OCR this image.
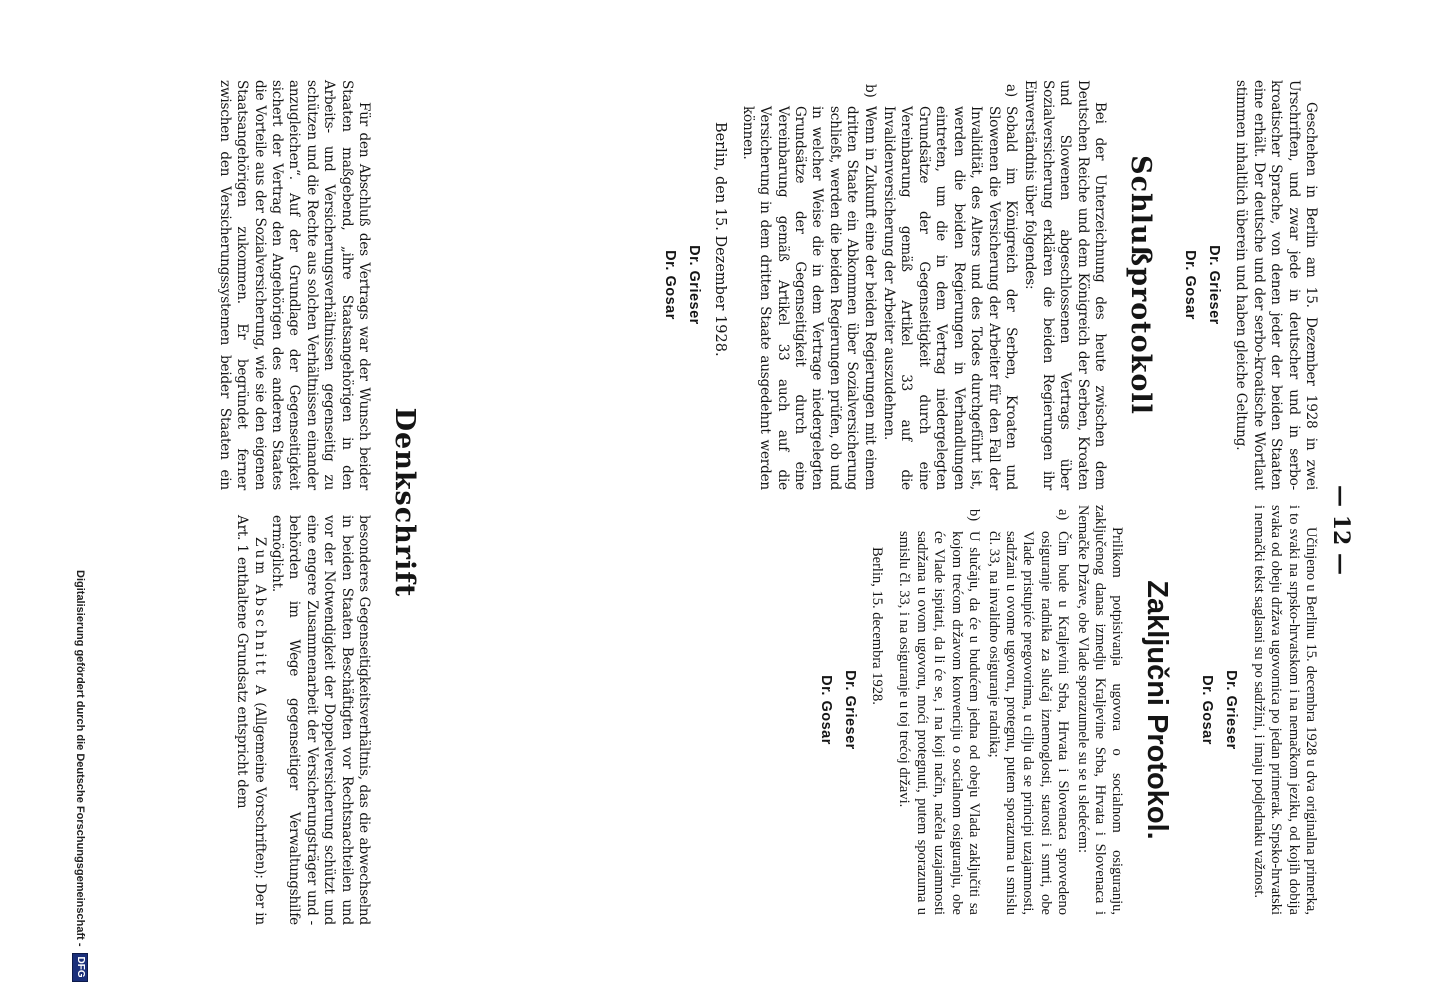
— 12 —

Geschehen in Berlin am 15. Dezember 1928 in zwei Urschriften, und zwar jede in deutscher und in serbo-kroatischer Sprache, von denen jeder der beiden Staaten eine erhält. Der deutsche und der serbo-kroatische Wortlaut stimmen inhaltlich überein und haben gleiche Geltung.

Dr. Grieser
Dr. Gosar
Schlußprotokoll

Bei der Unterzeichnung des heute zwischen dem Deutschen Reiche und dem Königreich der Serben, Kroaten und Slowenen abgeschlossenen Vertrags über Sozialversicherung erklären die beiden Regierungen ihr Einverständnis über folgendes:

a)

Sobald im Königreich der Serben, Kroaten und Slowenen die Versicherung der Arbeiter für den Fall der Invalidität, des Alters und des Todes durchgeführt ist, werden die beiden Regierungen in Verhandlungen eintreten, um die in dem Vertrag niedergelegten Grundsätze der Gegenseitigkeit durch eine Vereinbarung gemäß Artikel 33 auf die Invalidenversicherung der Arbeiter auszudehnen.

b)

Wenn in Zukunft eine der beiden Regierungen mit einem dritten Staate ein Abkommen über Sozialversicherung schließt, werden die beiden Regierungen prüfen, ob und in welcher Weise die in dem Vertrage niedergelegten Grundsätze der Gegenseitigkeit durch eine Vereinbarung gemäß Artikel 33 auch auf die Versicherung in dem dritten Staate ausgedehnt werden können.

Berlin, den 15. Dezember 1928.
Dr. Grieser
Dr. Gosar

Učinjeno u Berlinu 15. decembra 1928 u dva originalna primerka, i to svaki na srpsko-hrvatskom i na nemačkom jeziku, od kojih dobija svaka od obeju država ugovornica po jedan primerak. Srpsko-hrvatski i nemački tekst saglasni su po sadržini, i imaju podjednaku važnost.

Dr. Grieser
Dr. Gosar
Zaključni Protokol.

Prilikom potpisivanja ugovora o socialnom osiguranju, zaključenog danas izmedju Kraljevine Srba, Hrvata i Slovenaca i Nemačke Države, obe Vlade sporazumele su se u sledećem:

a)

Čim bude u Kraljevini Srba, Hrvata i Slovenaca sprovedeno osiguranje radnika za slučaj iznemoglosti, starosti i smrti, obe Vlade pristupiće pregovorima, u cilju da se principi uzajamnosti, sadržani u ovome ugovoru, protegnu, putem sporazuma u smislu čl. 33, na invalidno osiguranje radnika;

b)

U slučaju, da će u budućem jedna od obeju Vlada zaključiti sa kojom trećom državom konvenciju o socialnom osiguranju, obe će Vlade ispitati, da li će se, i na koji način, načela uzajamnosti sadržana u ovom ugovoru, moći protegnuti, putem sporazuma u smislu čl. 33, i na osiguranje u toj trećoj državi.

Berlin, 15. decembra 1928.
Dr. Grieser
Dr. Gosar
Denkschrift

Für den Abschluß des Vertrags war der Wunsch beider Staaten maßgebend, „ihre Staatsangehörigen in den Arbeits- und Versicherungsverhältnissen gegenseitig zu schützen und die Rechte aus solchen Verhältnissen einander anzugleichen“. Auf der Grundlage der Gegenseitigkeit sichert der Vertrag den Angehörigen des anderen Staates die Vorteile aus der Sozialversicherung, wie sie den eigenen Staatsangehörigen zukommen. Er begründet ferner zwischen den Versicherungssystemen beider Staaten ein besonderes Gegenseitigkeitsverhältnis, das die abwechselnd in beiden Staaten Beschäftigten vor Rechtsnachteilen und vor der Notwendigkeit der Doppelversicherung schützt und eine engere Zusammenarbeit der Versicherungsträger und -behörden im Wege gegenseitiger Verwaltungshilfe ermöglicht.

Zum Abschnitt A (Allgemeine Vorschriften): Der in Art. 1 enthaltene Grundsatz entspricht dem

Digitalisierung gefördert durch die Deutsche Forschungsgemeinschaft -
DFG
